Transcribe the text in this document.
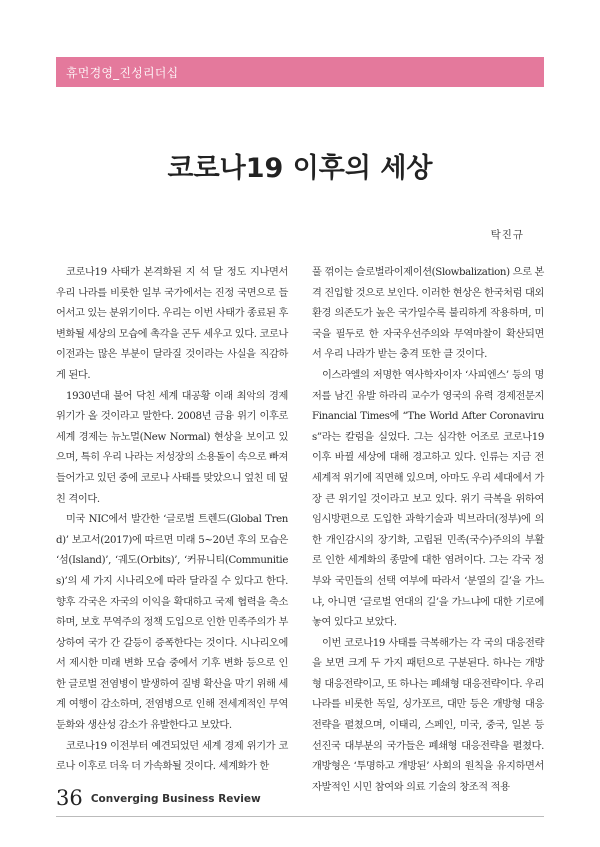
휴먼경영_진성리더십
코로나19 이후의 세상
탁진규

코로나19 사태가 본격화된 지 석 달 정도 지나면서 우리 나라를 비롯한 일부 국가에서는 진정 국면으로 들어서고 있는 분위기이다. 우리는 이번 사태가 종료된 후 변화될 세상의 모습에 촉각을 곤두 세우고 있다. 코로나 이전과는 많은 부분이 달라질 것이라는 사실을 직감하게 된다.

1930년대 불어 닥친 세계 대공황 이래 최악의 경제위기가 올 것이라고 말한다. 2008년 금융 위기 이후로 세계 경제는 뉴노멀(New Normal) 현상을 보이고 있으며, 특히 우리 나라는 저성장의 소용돌이 속으로 빠져 들어가고 있던 중에 코로나 사태를 맞았으니 엎친 데 덮친 격이다.

미국 NIC에서 발간한 ‘글로벌 트렌드(Global Trend)’ 보고서(2017)에 따르면 미래 5~20년 후의 모습은 ‘섬(Island)’, ‘궤도(Orbits)’, ‘커뮤니티(Communities)’의 세 가지 시나리오에 따라 달라질 수 있다고 한다. 향후 각국은 자국의 이익을 확대하고 국제 협력을 축소하며, 보호 무역주의 정책 도입으로 인한 민족주의가 부상하여 국가 간 갈등이 증폭한다는 것이다. 시나리오에서 제시한 미래 변화 모습 중에서 기후 변화 등으로 인한 글로벌 전염병이 발생하여 질병 확산을 막기 위해 세계 여행이 감소하며, 전염병으로 인해 전세계적인 무역 둔화와 생산성 감소가 유발한다고 보았다.

코로나19 이전부터 예견되었던 세계 경제 위기가 코로나 이후로 더욱 더 가속화될 것이다. 세계화가 한

풀 꺾이는 슬로벌라이제이션(Slowbalization) 으로 본격 진입할 것으로 보인다. 이러한 현상은 한국처럼 대외 환경 의존도가 높은 국가일수록 불리하게 작용하며, 미국을 필두로 한 자국우선주의와 무역마찰이 확산되면서 우리 나라가 받는 충격 또한 클 것이다.

이스라엘의 저명한 역사학자이자 ‘사피엔스’ 등의 명저를 남긴 유발 하라리 교수가 영국의 유력 경제전문지 Financial Times에 “The World After Coronavirus”라는 칼럼을 실었다. 그는 심각한 어조로 코로나19 이후 바뀔 세상에 대해 경고하고 있다. 인류는 지금 전세계적 위기에 직면해 있으며, 아마도 우리 세대에서 가장 큰 위기일 것이라고 보고 있다. 위기 극복을 위하여 임시방편으로 도입한 과학기술과 빅브라더(정부)에 의한 개인감시의 장기화, 고립된 민족(국수)주의의 부활로 인한 세계화의 종말에 대한 염려이다. 그는 각국 정부와 국민들의 선택 여부에 따라서 ‘분열의 길’을 가느냐, 아니면 ‘글로벌 연대의 길’을 가느냐에 대한 기로에 놓여 있다고 보았다.

이번 코로나19 사태를 극복해가는 각 국의 대응전략을 보면 크게 두 가지 패턴으로 구분된다. 하나는 개방형 대응전략이고, 또 하나는 폐쇄형 대응전략이다. 우리나라를 비롯한 독일, 싱가포르, 대만 등은 개방형 대응전략을 펼쳤으며, 이태리, 스페인, 미국, 중국, 일본 등 선진국 대부분의 국가들은 폐쇄형 대응전략을 펼쳤다. 개방형은 ‘투명하고 개방된’ 사회의 원칙을 유지하면서 자발적인 시민 참여와 의료 기술의 창조적 적용

36 Converging Business Review
